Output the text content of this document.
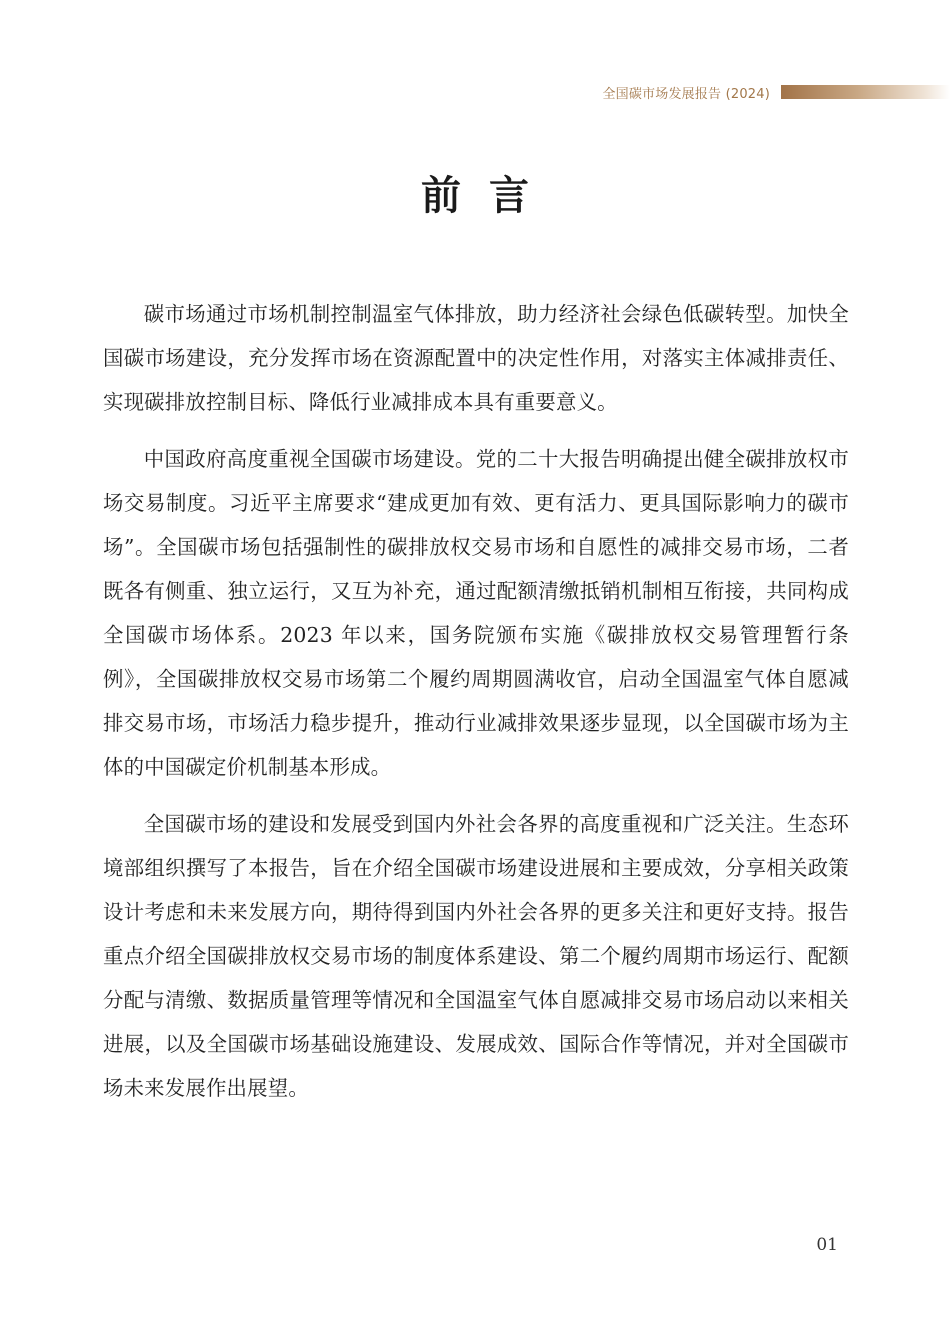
全国碳市场发展报告 (2024)
前言

碳市场通过市场机制控制温室气体排放，助力经济社会绿色低碳转型。加快全国碳市场建设，充分发挥市场在资源配置中的决定性作用，对落实主体减排责任、实现碳排放控制目标、降低行业减排成本具有重要意义。

中国政府高度重视全国碳市场建设。党的二十大报告明确提出健全碳排放权市场交易制度。习近平主席要求“建成更加有效、更有活力、更具国际影响力的碳市场”。全国碳市场包括强制性的碳排放权交易市场和自愿性的减排交易市场，二者既各有侧重、独立运行，又互为补充，通过配额清缴抵销机制相互衔接，共同构成全国碳市场体系。2023 年以来，国务院颁布实施《碳排放权交易管理暂行条例》，全国碳排放权交易市场第二个履约周期圆满收官，启动全国温室气体自愿减排交易市场，市场活力稳步提升，推动行业减排效果逐步显现，以全国碳市场为主体的中国碳定价机制基本形成。

全国碳市场的建设和发展受到国内外社会各界的高度重视和广泛关注。生态环境部组织撰写了本报告，旨在介绍全国碳市场建设进展和主要成效，分享相关政策设计考虑和未来发展方向，期待得到国内外社会各界的更多关注和更好支持。报告重点介绍全国碳排放权交易市场的制度体系建设、第二个履约周期市场运行、配额分配与清缴、数据质量管理等情况和全国温室气体自愿减排交易市场启动以来相关进展，以及全国碳市场基础设施建设、发展成效、国际合作等情况，并对全国碳市场未来发展作出展望。

01
